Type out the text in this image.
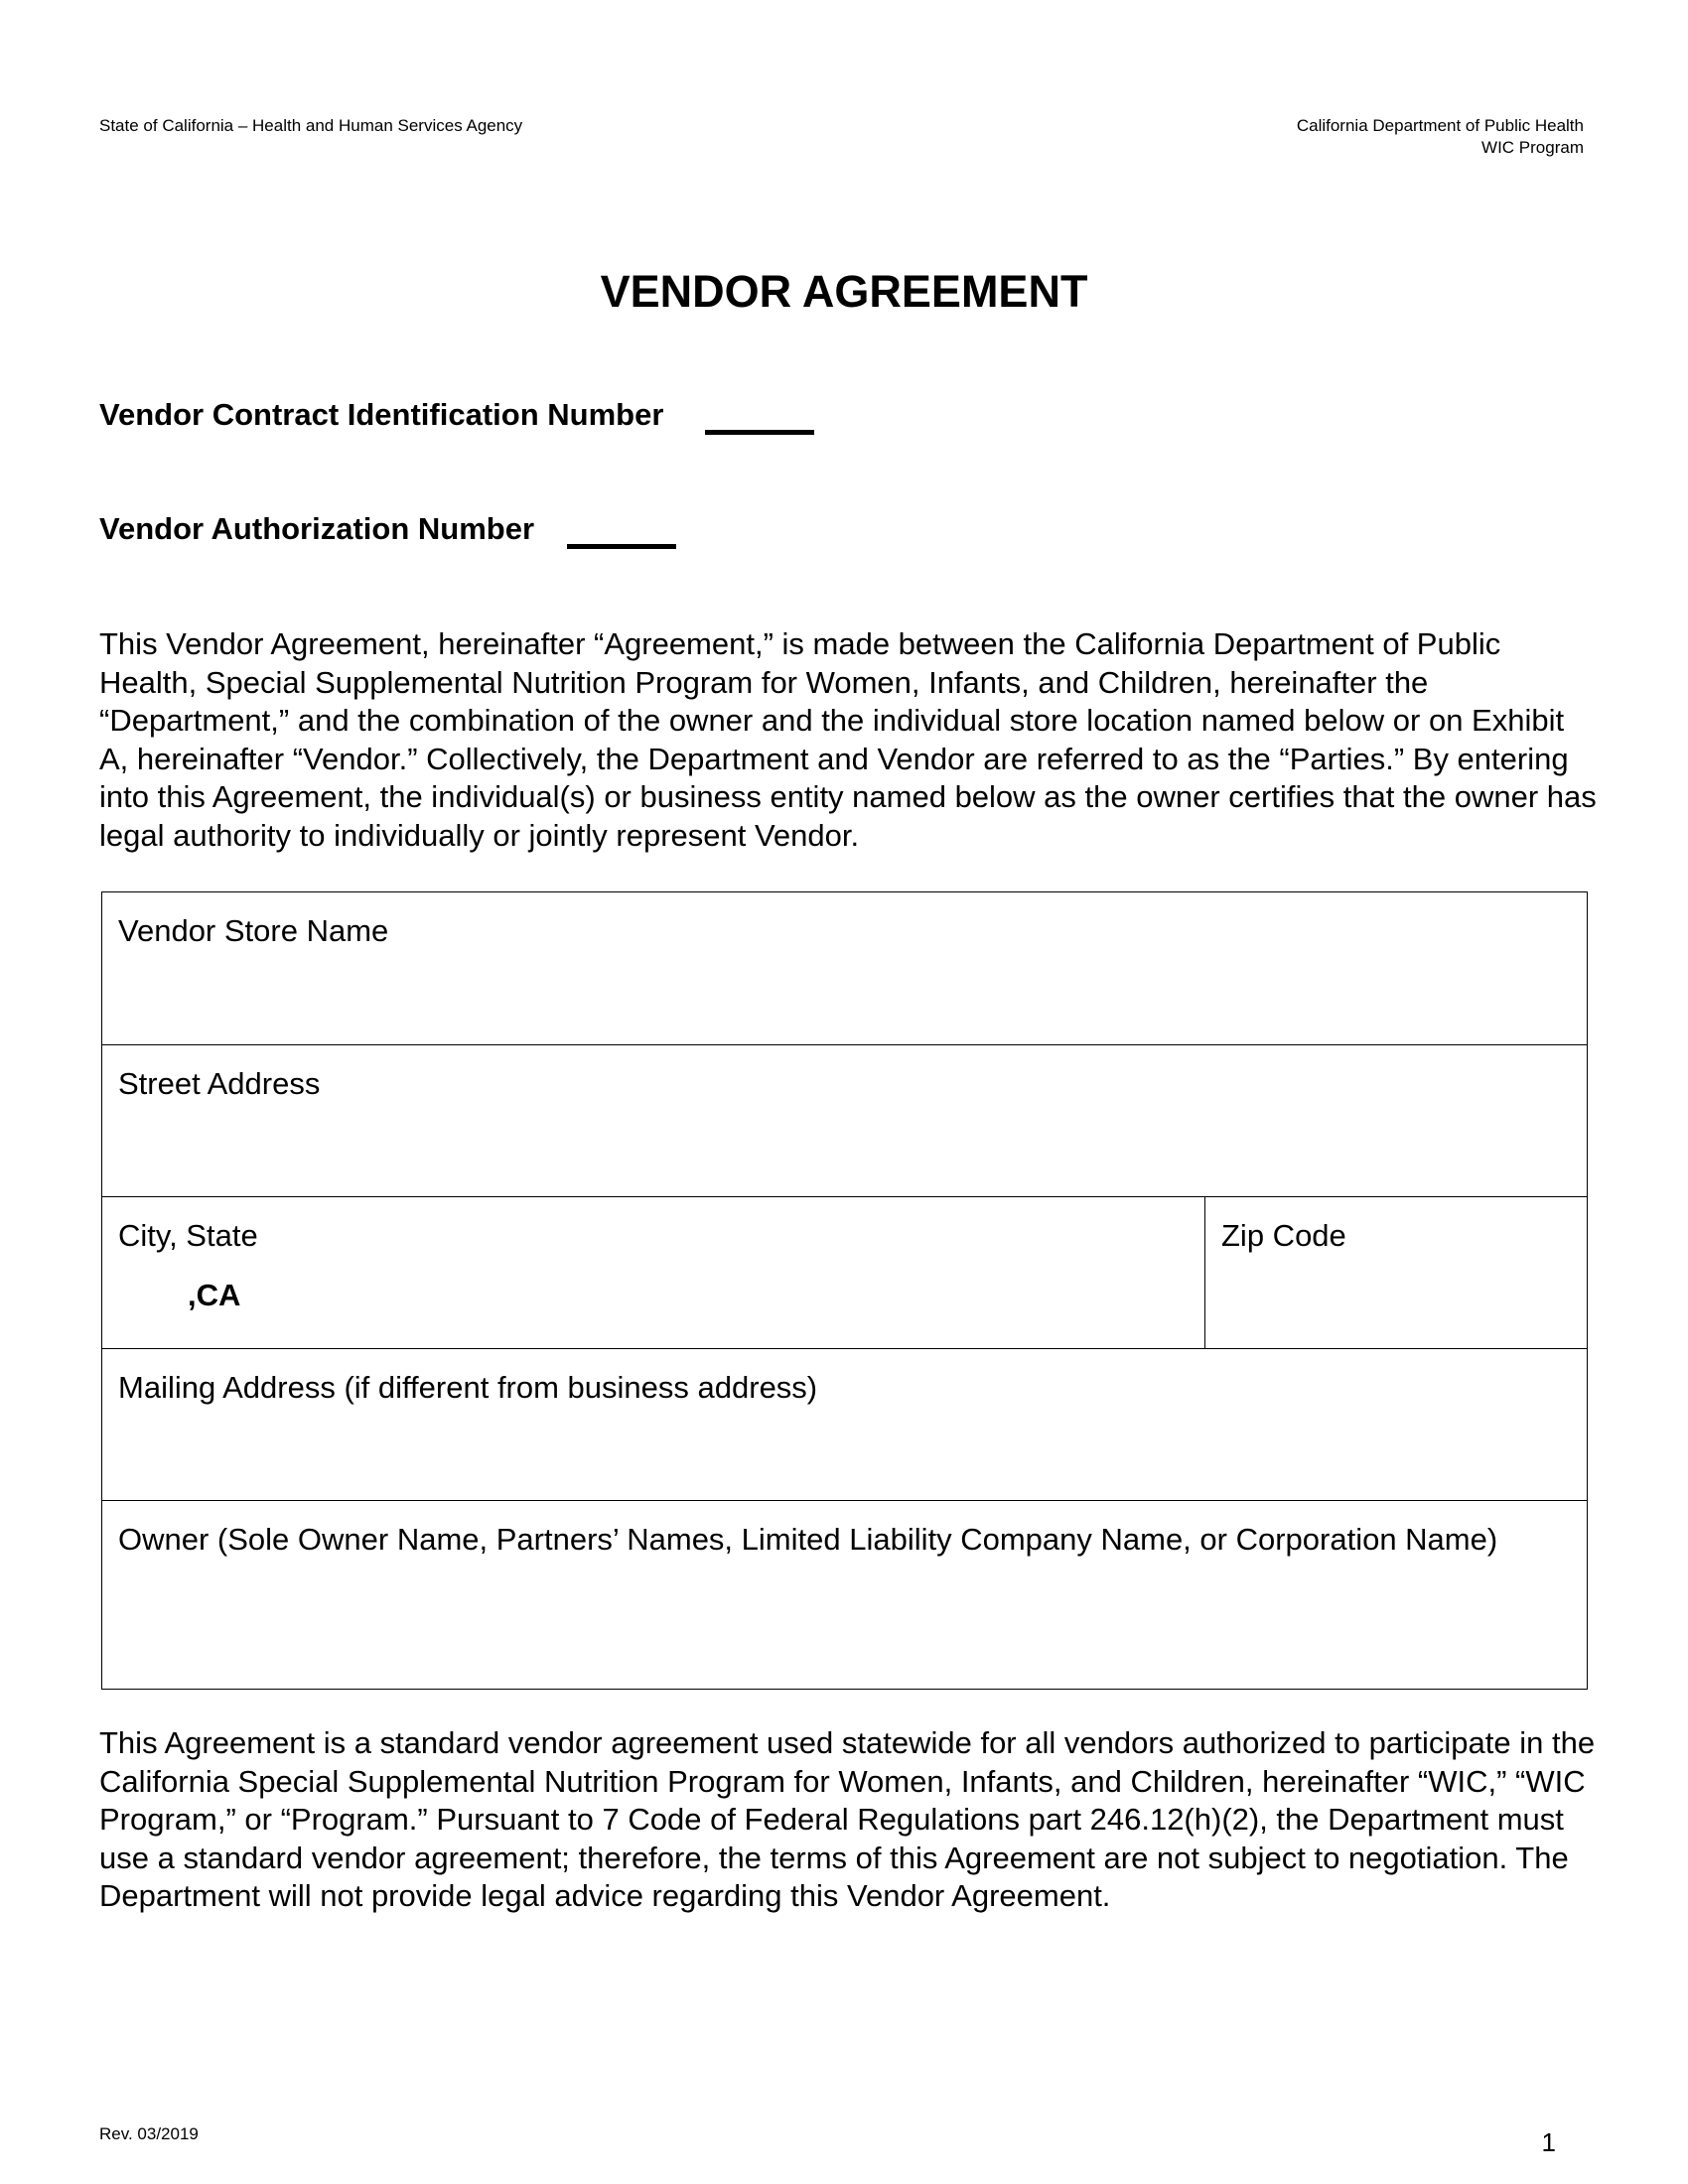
State of California – Health and Human Services Agency	California Department of Public Health
WIC Program
VENDOR AGREEMENT
Vendor Contract Identification Number
Vendor Authorization Number
This Vendor Agreement, hereinafter “Agreement,” is made between the California Department of Public Health, Special Supplemental Nutrition Program for Women, Infants, and Children, hereinafter the “Department,” and the combination of the owner and the individual store location named below or on Exhibit A, hereinafter “Vendor.” Collectively, the Department and Vendor are referred to as the “Parties.” By entering into this Agreement, the individual(s) or business entity named below as the owner certifies that the owner has legal authority to individually or jointly represent Vendor.
Vendor Store Name
Street Address
City, State
,CA
Zip Code
Mailing Address (if different from business address)
Owner (Sole Owner Name, Partners’ Names, Limited Liability Company Name, or Corporation Name)
This Agreement is a standard vendor agreement used statewide for all vendors authorized to participate in the California Special Supplemental Nutrition Program for Women, Infants, and Children, hereinafter “WIC,” “WIC Program,” or “Program.” Pursuant to 7 Code of Federal Regulations part 246.12(h)(2), the Department must use a standard vendor agreement; therefore, the terms of this Agreement are not subject to negotiation. The Department will not provide legal advice regarding this Vendor Agreement.
Rev. 03/2019	1
